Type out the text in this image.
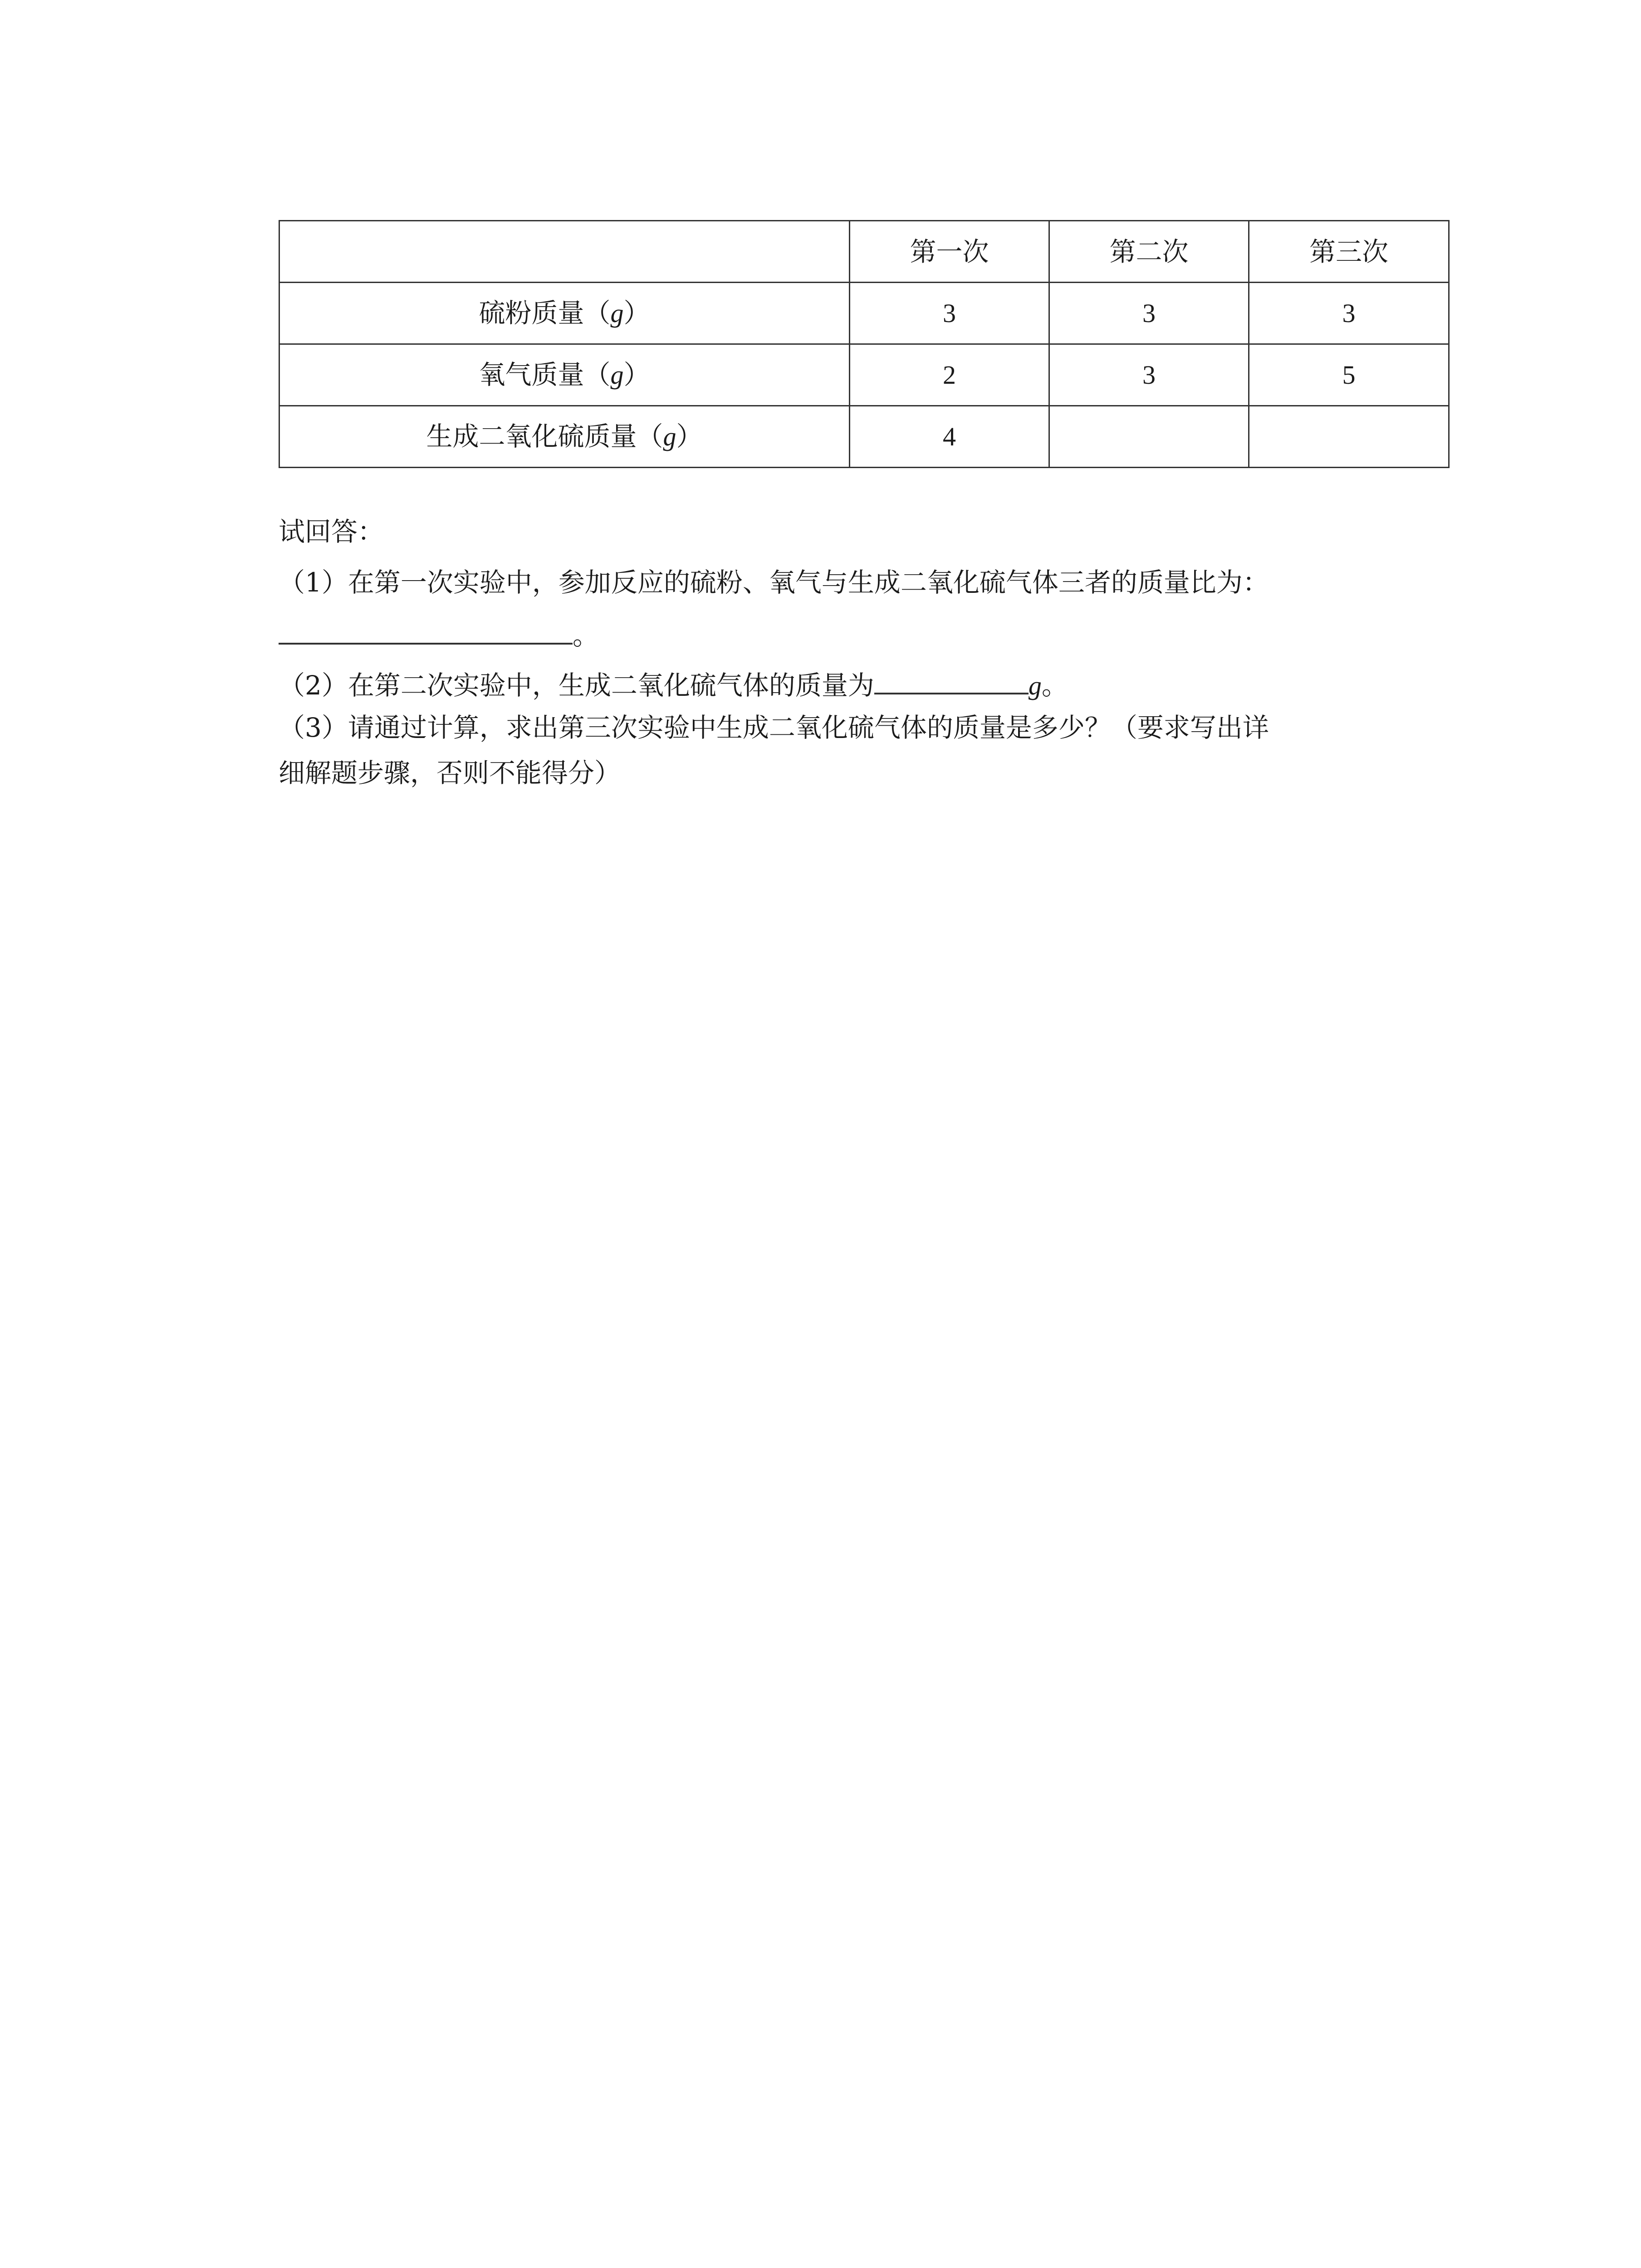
	第一次	第二次	第三次
硫粉质量（g）	3	3	3
氧气质量（g）	2	3	5
生成二氧化硫质量（g）	4		
试回答：
（1）在第一次实验中，参加反应的硫粉、氧气与生成二氧化硫气体三者的质量比为：
。
（2）在第二次实验中，生成二氧化硫气体的质量为	g。
（3）请通过计算，求出第三次实验中生成二氧化硫气体的质量是多少？（要求写出详
细解题步骤，否则不能得分）
